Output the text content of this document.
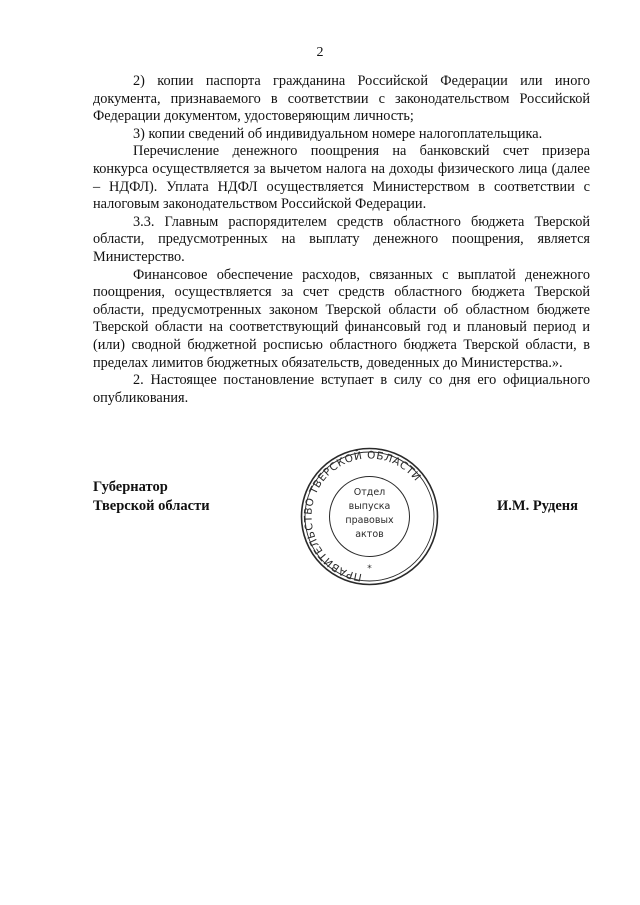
2

2) копии паспорта гражданина Российской Федерации или иного документа, признаваемого в соответствии с законодательством Российской Федерации документом, удостоверяющим личность;

3) копии сведений об индивидуальном номере налогоплательщика.

Перечисление денежного поощрения на банковский счет призера конкурса осуществляется за вычетом налога на доходы физического лица (далее – НДФЛ). Уплата НДФЛ осуществляется Министерством в соответствии с налоговым законодательством Российской Федерации.

3.3. Главным распорядителем средств областного бюджета Тверской области, предусмотренных на выплату денежного поощрения, является Министерство.

Финансовое обеспечение расходов, связанных с выплатой денежного поощрения, осуществляется за счет средств областного бюджета Тверской области, предусмотренных законом Тверской области об областном бюджете Тверской области на соответствующий финансовый год и плановый период и (или) сводной бюджетной росписью областного бюджета Тверской области, в пределах лимитов бюджетных обязательств, доведенных до Министерства.».

2. Настоящее постановление вступает в силу со дня его официального опубликования.

Губернатор
Тверской области	И.М. Руденя
ПРАВИТЕЛЬСТВО ТВЕРСКОЙ ОБЛАСТИ
Отдел
выпуска
правовых
актов
*
